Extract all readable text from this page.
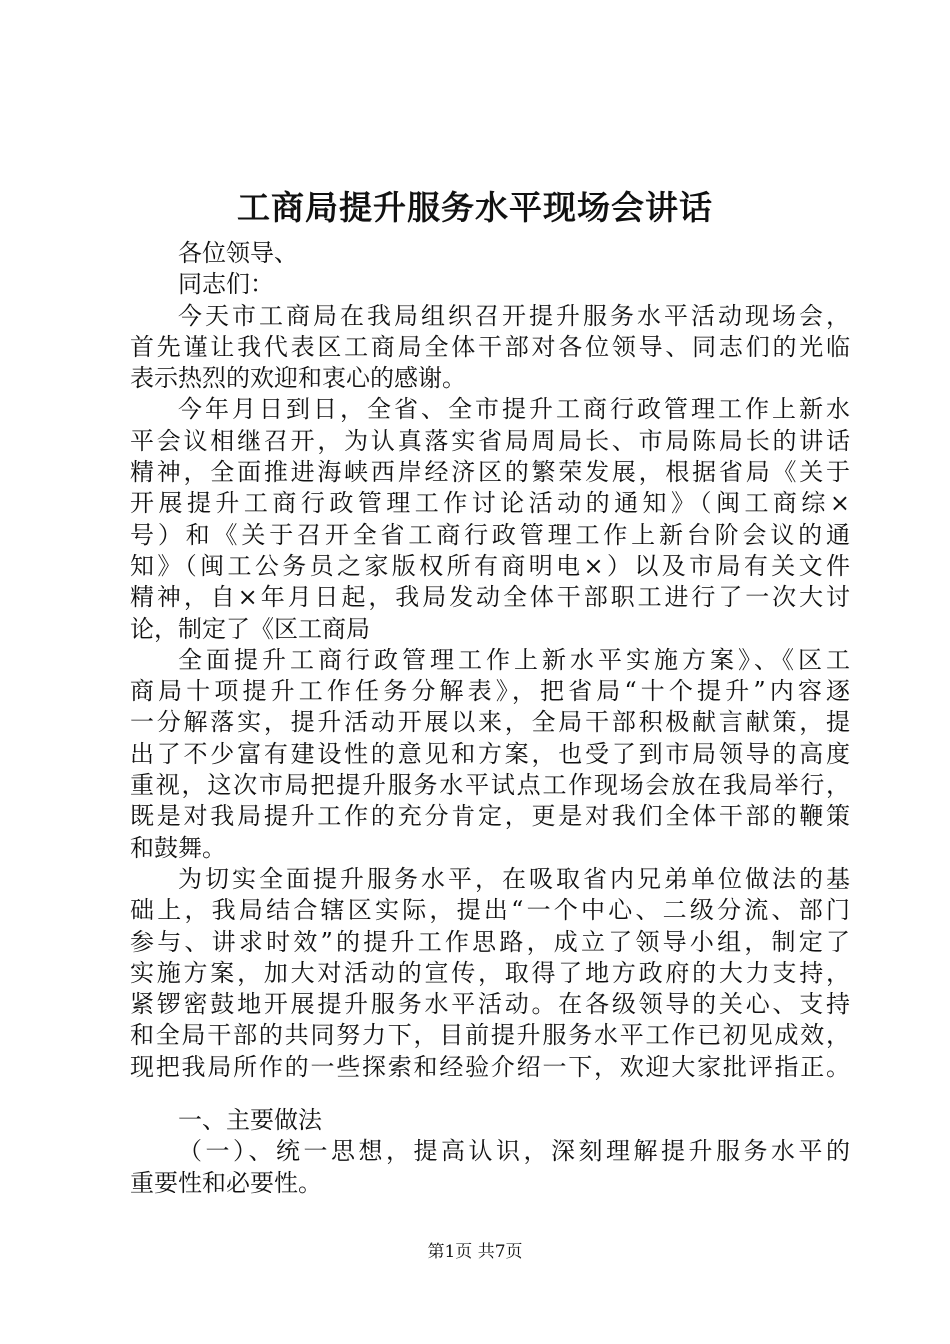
工商局提升服务水平现场会讲话
各位领导、
同志们：
今天市工商局在我局组织召开提升服务水平活动现场会，
首先谨让我代表区工商局全体干部对各位领导、同志们的光临
表示热烈的欢迎和衷心的感谢。
今年月日到日，全省、全市提升工商行政管理工作上新水
平会议相继召开，为认真落实省局周局长、市局陈局长的讲话
精神，全面推进海峡西岸经济区的繁荣发展，根据省局《关于
开展提升工商行政管理工作讨论活动的通知》（闽工商综×
号）和《关于召开全省工商行政管理工作上新台阶会议的通
知》（闽工公务员之家版权所有商明电×）以及市局有关文件
精神，自×年月日起，我局发动全体干部职工进行了一次大讨
论，制定了《区工商局
全面提升工商行政管理工作上新水平实施方案》、《区工
商局十项提升工作任务分解表》，把省局“十个提升”内容逐
一分解落实，提升活动开展以来，全局干部积极献言献策，提
出了不少富有建设性的意见和方案，也受了到市局领导的高度
重视，这次市局把提升服务水平试点工作现场会放在我局举行，
既是对我局提升工作的充分肯定，更是对我们全体干部的鞭策
和鼓舞。
为切实全面提升服务水平，在吸取省内兄弟单位做法的基
础上，我局结合辖区实际，提出“一个中心、二级分流、部门
参与、讲求时效”的提升工作思路，成立了领导小组，制定了
实施方案，加大对活动的宣传，取得了地方政府的大力支持，
紧锣密鼓地开展提升服务水平活动。在各级领导的关心、支持
和全局干部的共同努力下，目前提升服务水平工作已初见成效，
现把我局所作的一些探索和经验介绍一下，欢迎大家批评指正。
一、主要做法
（一）、统一思想，提高认识，深刻理解提升服务水平的
重要性和必要性。
第1页 共7页
